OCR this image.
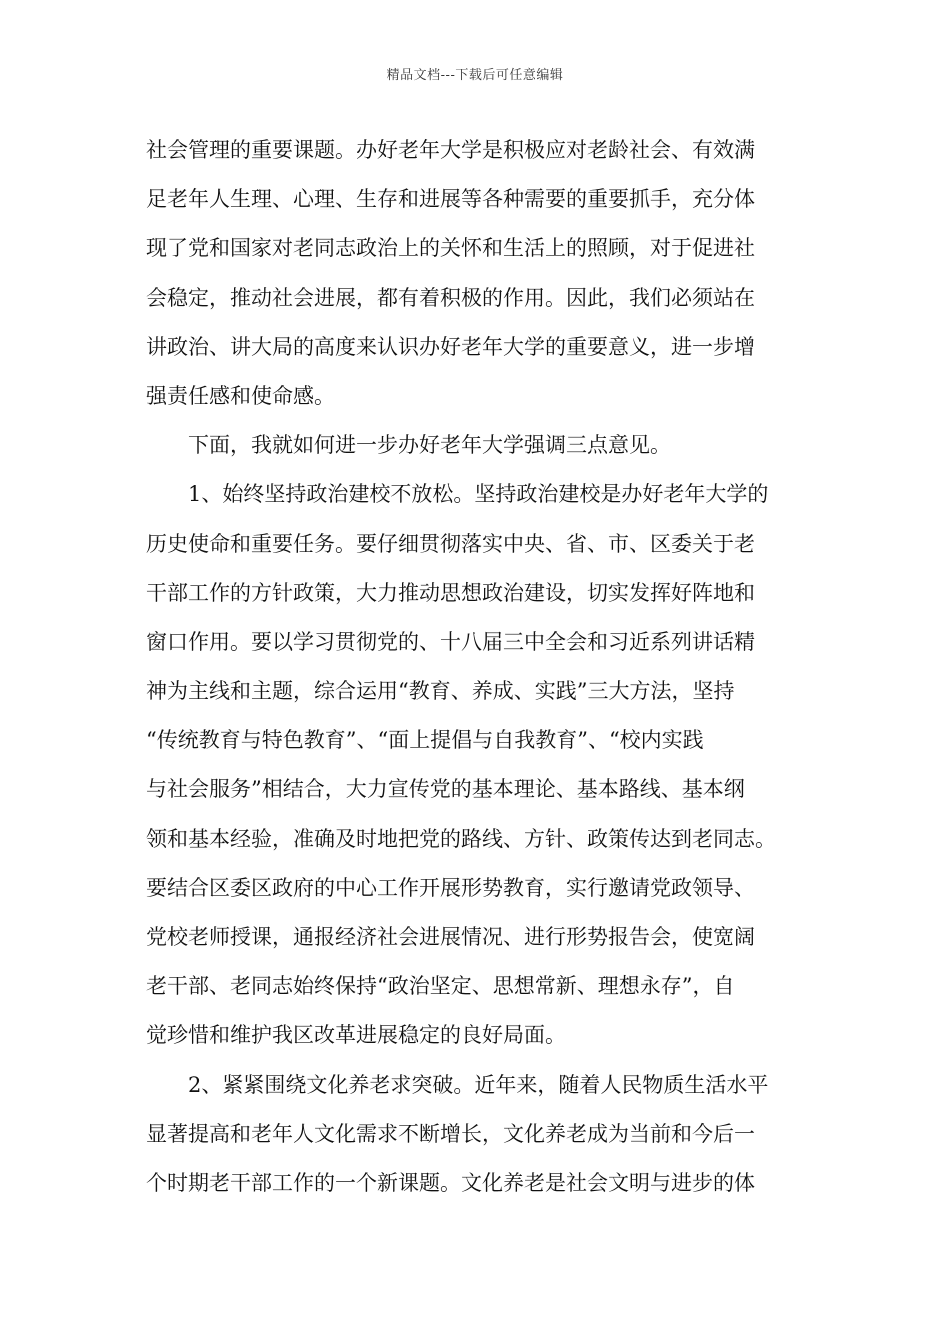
精品文档---下载后可任意编辑
社会管理的重要课题。办好老年大学是积极应对老龄社会、有效满
足老年人生理、心理、生存和进展等各种需要的重要抓手，充分体
现了党和国家对老同志政治上的关怀和生活上的照顾，对于促进社
会稳定，推动社会进展，都有着积极的作用。因此，我们必须站在
讲政治、讲大局的高度来认识办好老年大学的重要意义，进一步增
强责任感和使命感。
下面，我就如何进一步办好老年大学强调三点意见。
1、始终坚持政治建校不放松。坚持政治建校是办好老年大学的
历史使命和重要任务。要仔细贯彻落实中央、省、市、区委关于老
干部工作的方针政策，大力推动思想政治建设，切实发挥好阵地和
窗口作用。要以学习贯彻党的、十八届三中全会和习近系列讲话精
神为主线和主题，综合运用“教育、养成、实践”三大方法，坚持
“传统教育与特色教育”、“面上提倡与自我教育”、“校内实践
与社会服务”相结合，大力宣传党的基本理论、基本路线、基本纲
领和基本经验，准确及时地把党的路线、方针、政策传达到老同志。
要结合区委区政府的中心工作开展形势教育，实行邀请党政领导、
党校老师授课，通报经济社会进展情况、进行形势报告会，使宽阔
老干部、老同志始终保持“政治坚定、思想常新、理想永存”，自
觉珍惜和维护我区改革进展稳定的良好局面。
2、紧紧围绕文化养老求突破。近年来，随着人民物质生活水平
显著提高和老年人文化需求不断增长，文化养老成为当前和今后一
个时期老干部工作的一个新课题。文化养老是社会文明与进步的体
